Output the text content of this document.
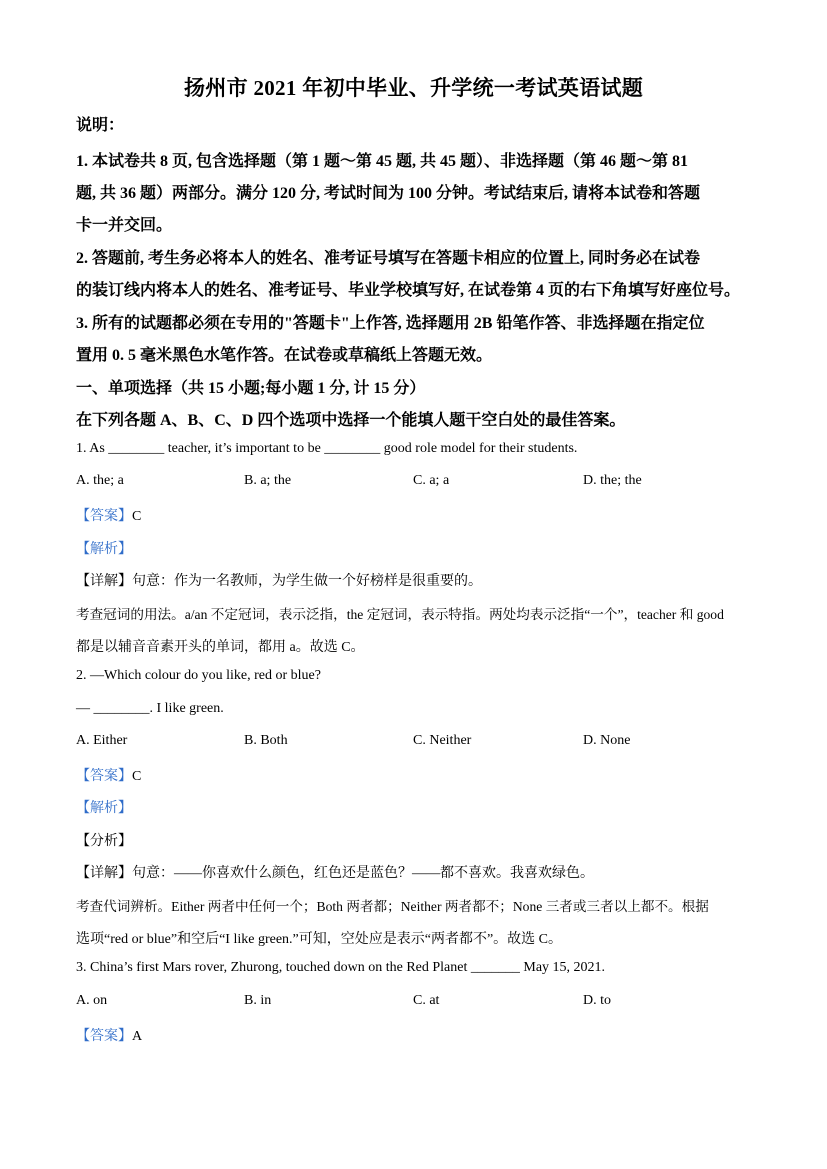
扬州市 2021 年初中毕业、升学统一考试英语试题
说明：
1. 本试卷共 8 页, 包含选择题（第 1 题～第 45 题, 共 45 题）、非选择题（第 46 题～第 81
题, 共 36 题）两部分。满分 120 分, 考试时间为 100 分钟。考试结束后, 请将本试卷和答题
卡一并交回。
2. 答题前, 考生务必将本人的姓名、准考证号填写在答题卡相应的位置上, 同时务必在试卷
的装订线内将本人的姓名、准考证号、毕业学校填写好, 在试卷第 4 页的右下角填写好座位号。
3. 所有的试题都必须在专用的"答题卡"上作答, 选择题用 2B 铅笔作答、非选择题在指定位
置用 0. 5 毫米黑色水笔作答。在试卷或草稿纸上答题无效。
一、单项选择（共 15 小题;每小题 1 分, 计 15 分）
在下列各题 A、B、C、D 四个选项中选择一个能填人题干空白处的最佳答案。
1. As ________ teacher, it’s important to be ________ good role model for their students.
A. the; a	B. a; the	C. a; a	D. the; the
【答案】C
【解析】
【详解】句意：作为一名教师，为学生做一个好榜样是很重要的。
考查冠词的用法。a/an 不定冠词，表示泛指，the 定冠词，表示特指。两处均表示泛指“一个”，teacher 和 good
都是以辅音音素开头的单词，都用 a。故选 C。
2. —Which colour do you like, red or blue?
— ________. I like green.
A. Either	B. Both	C. Neither	D. None
【答案】C
【解析】
【分析】
【详解】句意：——你喜欢什么颜色，红色还是蓝色？——都不喜欢。我喜欢绿色。
考查代词辨析。Either 两者中任何一个；Both 两者都；Neither 两者都不；None 三者或三者以上都不。根据
选项“red or blue”和空后“I like green.”可知，空处应是表示“两者都不”。故选 C。
3. China’s first Mars rover, Zhurong, touched down on the Red Planet _______ May 15, 2021.
A. on	B. in	C. at	D. to
【答案】A
